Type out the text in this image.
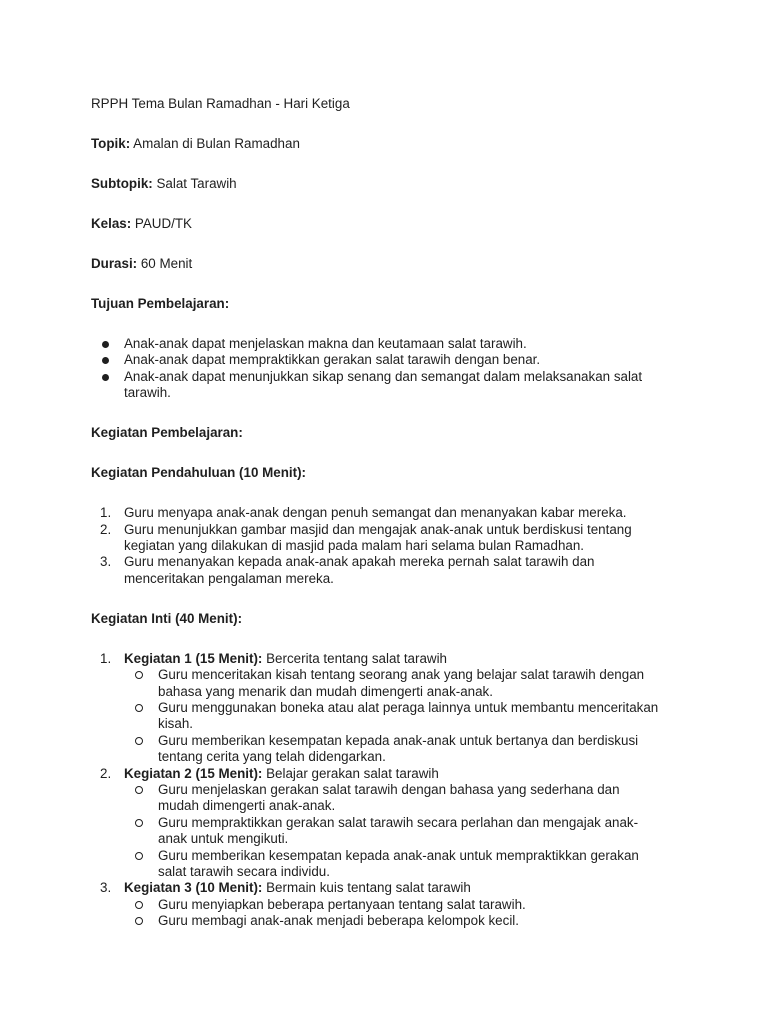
RPPH Tema Bulan Ramadhan - Hari Ketiga

Topik: Amalan di Bulan Ramadhan

Subtopik: Salat Tarawih

Kelas: PAUD/TK

Durasi: 60 Menit

Tujuan Pembelajaran:

Anak-anak dapat menjelaskan makna dan keutamaan salat tarawih.
Anak-anak dapat mempraktikkan gerakan salat tarawih dengan benar.
Anak-anak dapat menunjukkan sikap senang dan semangat dalam melaksanakan salat tarawih.

Kegiatan Pembelajaran:

Kegiatan Pendahuluan (10 Menit):

1. Guru menyapa anak-anak dengan penuh semangat dan menanyakan kabar mereka.
2. Guru menunjukkan gambar masjid dan mengajak anak-anak untuk berdiskusi tentang kegiatan yang dilakukan di masjid pada malam hari selama bulan Ramadhan.
3. Guru menanyakan kepada anak-anak apakah mereka pernah salat tarawih dan menceritakan pengalaman mereka.

Kegiatan Inti (40 Menit):

1. Kegiatan 1 (15 Menit): Bercerita tentang salat tarawih
Guru menceritakan kisah tentang seorang anak yang belajar salat tarawih dengan bahasa yang menarik dan mudah dimengerti anak-anak.
Guru menggunakan boneka atau alat peraga lainnya untuk membantu menceritakan kisah.
Guru memberikan kesempatan kepada anak-anak untuk bertanya dan berdiskusi tentang cerita yang telah didengarkan.
2. Kegiatan 2 (15 Menit): Belajar gerakan salat tarawih
Guru menjelaskan gerakan salat tarawih dengan bahasa yang sederhana dan mudah dimengerti anak-anak.
Guru mempraktikkan gerakan salat tarawih secara perlahan dan mengajak anak-anak untuk mengikuti.
Guru memberikan kesempatan kepada anak-anak untuk mempraktikkan gerakan salat tarawih secara individu.
3. Kegiatan 3 (10 Menit): Bermain kuis tentang salat tarawih
Guru menyiapkan beberapa pertanyaan tentang salat tarawih.
Guru membagi anak-anak menjadi beberapa kelompok kecil.
